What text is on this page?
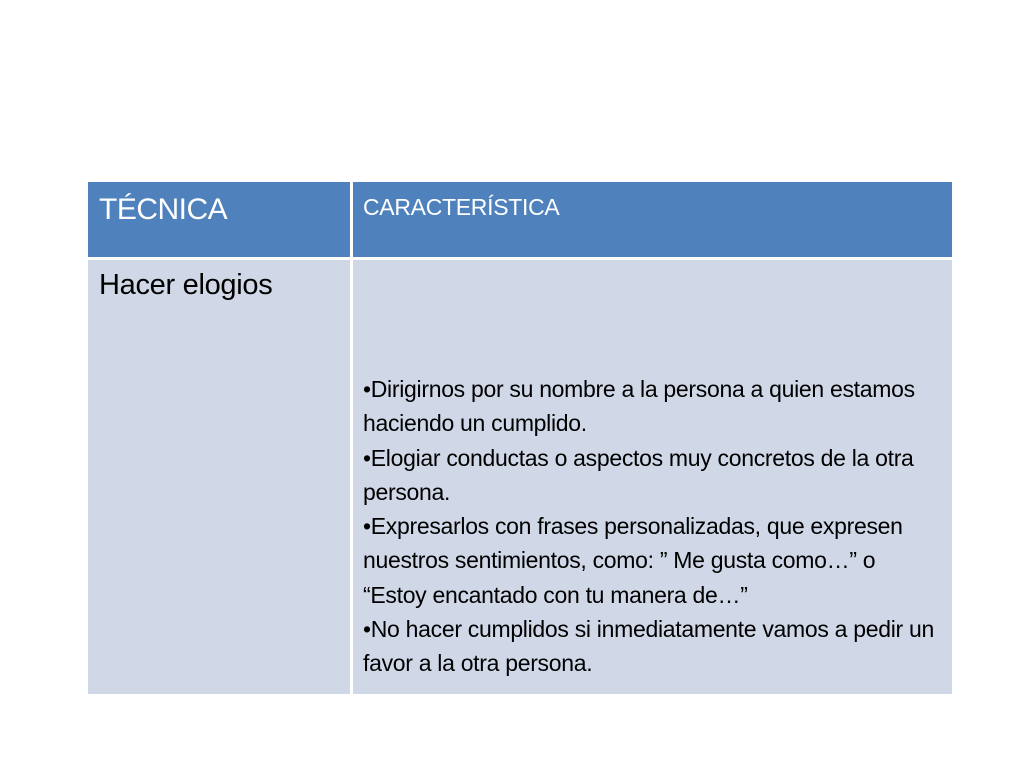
TÉCNICA	CARACTERÍSTICA
Hacer elogios
•Dirigirnos por su nombre a la persona a quien estamos haciendo un cumplido.
•Elogiar conductas o aspectos muy concretos de la otra persona.
•Expresarlos con frases personalizadas, que expresen nuestros sentimientos, como: ” Me gusta como…” o “Estoy encantado con tu manera de…”
•No hacer cumplidos si inmediatamente vamos a pedir un favor a la otra persona.
